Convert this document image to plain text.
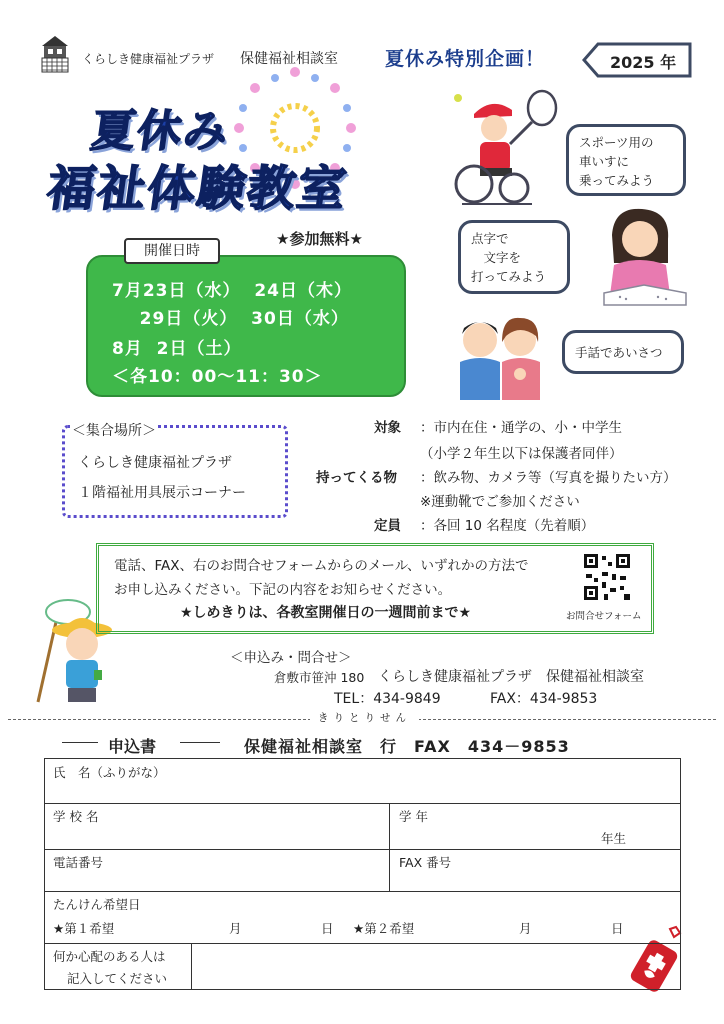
くらしき健康福祉プラザ 保健福祉相談室 夏休み特別企画！	2025 年
夏休み
福祉体験教室
開催日時
★参加無料★
7月23日（水）  24日（木）
29日（火）  30日（水）
8月  2日（土）
＜各10：00～11：30＞
＜集合場所＞
くらしき健康福祉プラザ
１階福祉用具展示コーナー
対象 ：市内在住・通学の、小・中学生
（小学２年生以下は保護者同伴）
持ってくる物 ：飲み物、カメラ等（写真を撮りたい方）
※運動靴でご参加ください
定員 ：各回 10 名程度（先着順）
スポーツ用の
車いすに
乗ってみよう
点字で
　文字を
打ってみよう
手話であいさつ
電話、FAX、右のお問合せフォームからのメール、いずれかの方法で
お申し込みください。下記の内容をお知らせください。
★しめきりは、各教室開催日の一週間前まで★	お問合せフォーム
＜申込み・問合せ＞
倉敷市笹沖 180 くらしき健康福祉プラザ　保健福祉相談室
TEL：434-9849	FAX：434-9853
きりとりせん
申込書	保健福祉相談室　行　FAX　434－9853
氏　名（ふりがな）
学 校 名	学 年
年生
電話番号	FAX 番号
たんけん希望日
★第１希望	月	日 ★第２希望	月	日
何か心配のある人は
記入してください
